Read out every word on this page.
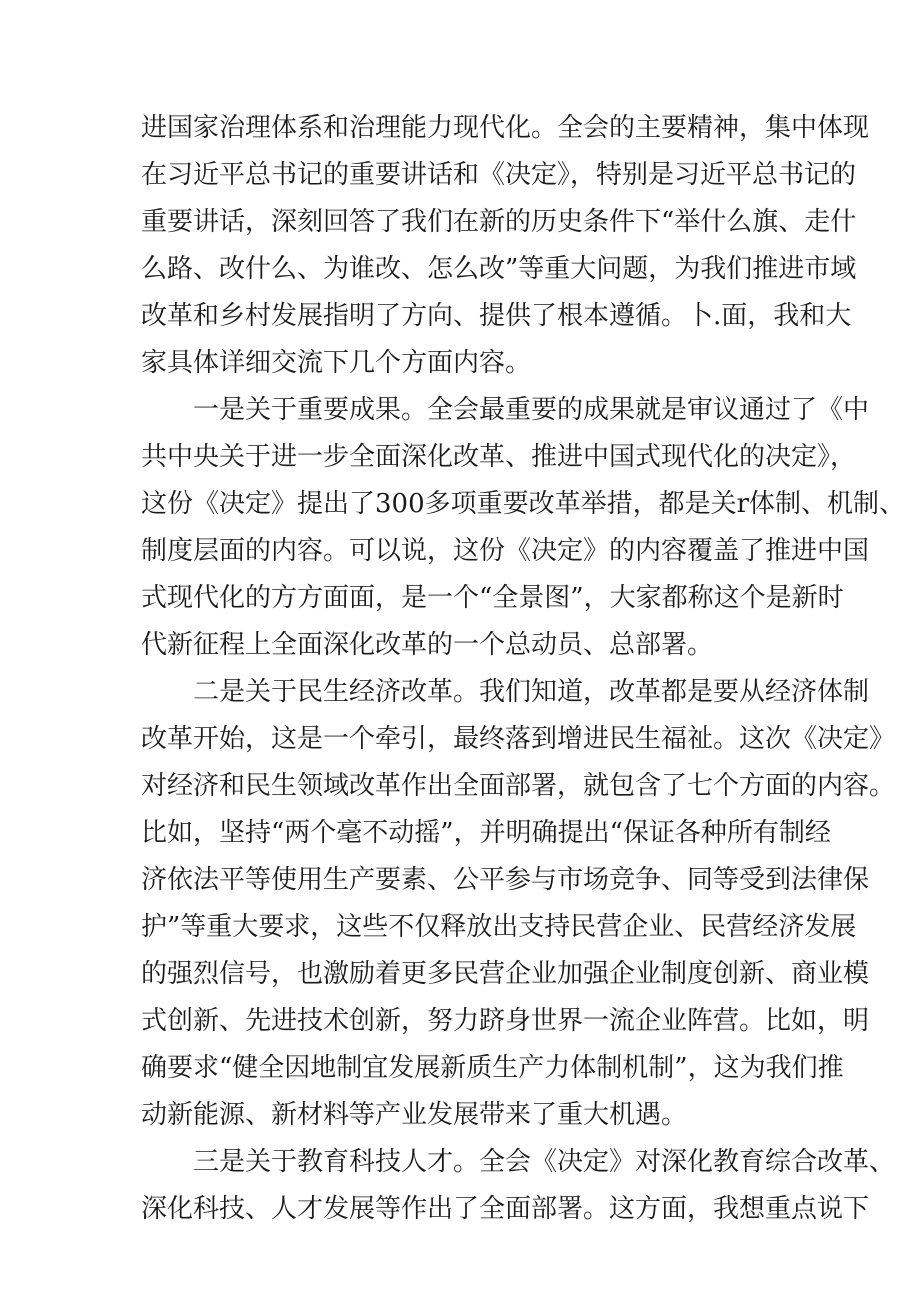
进国家治理体系和治理能力现代化。全会的主要精神，集中体现
在习近平总书记的重要讲话和《决定》，特别是习近平总书记的
重要讲话，深刻回答了我们在新的历史条件下“举什么旗、走什
么路、改什么、为谁改、怎么改”等重大问题，为我们推进市域
改革和乡村发展指明了方向、提供了根本遵循。卜.面，我和大
家具体详细交流下几个方面内容。
一是关于重要成果。全会最重要的成果就是审议通过了《中
共中央关于进一步全面深化改革、推进中国式现代化的决定》，
这份《决定》提出了300多项重要改革举措，都是关r体制、机制、
制度层面的内容。可以说，这份《决定》的内容覆盖了推进中国
式现代化的方方面面，是一个“全景图”，大家都称这个是新时
代新征程上全面深化改革的一个总动员、总部署。
二是关于民生经济改革。我们知道，改革都是要从经济体制
改革开始，这是一个牵引，最终落到增进民生福祉。这次《决定》
对经济和民生领域改革作出全面部署，就包含了七个方面的内容。
比如，坚持“两个毫不动摇”，并明确提出“保证各种所有制经
济依法平等使用生产要素、公平参与市场竞争、同等受到法律保
护”等重大要求，这些不仅释放出支持民营企业、民营经济发展
的强烈信号，也激励着更多民营企业加强企业制度创新、商业模
式创新、先进技术创新，努力跻身世界一流企业阵营。比如，明
确要求“健全因地制宜发展新质生产力体制机制”，这为我们推
动新能源、新材料等产业发展带来了重大机遇。
三是关于教育科技人才。全会《决定》对深化教育综合改革、
深化科技、人才发展等作出了全面部署。这方面，我想重点说下
